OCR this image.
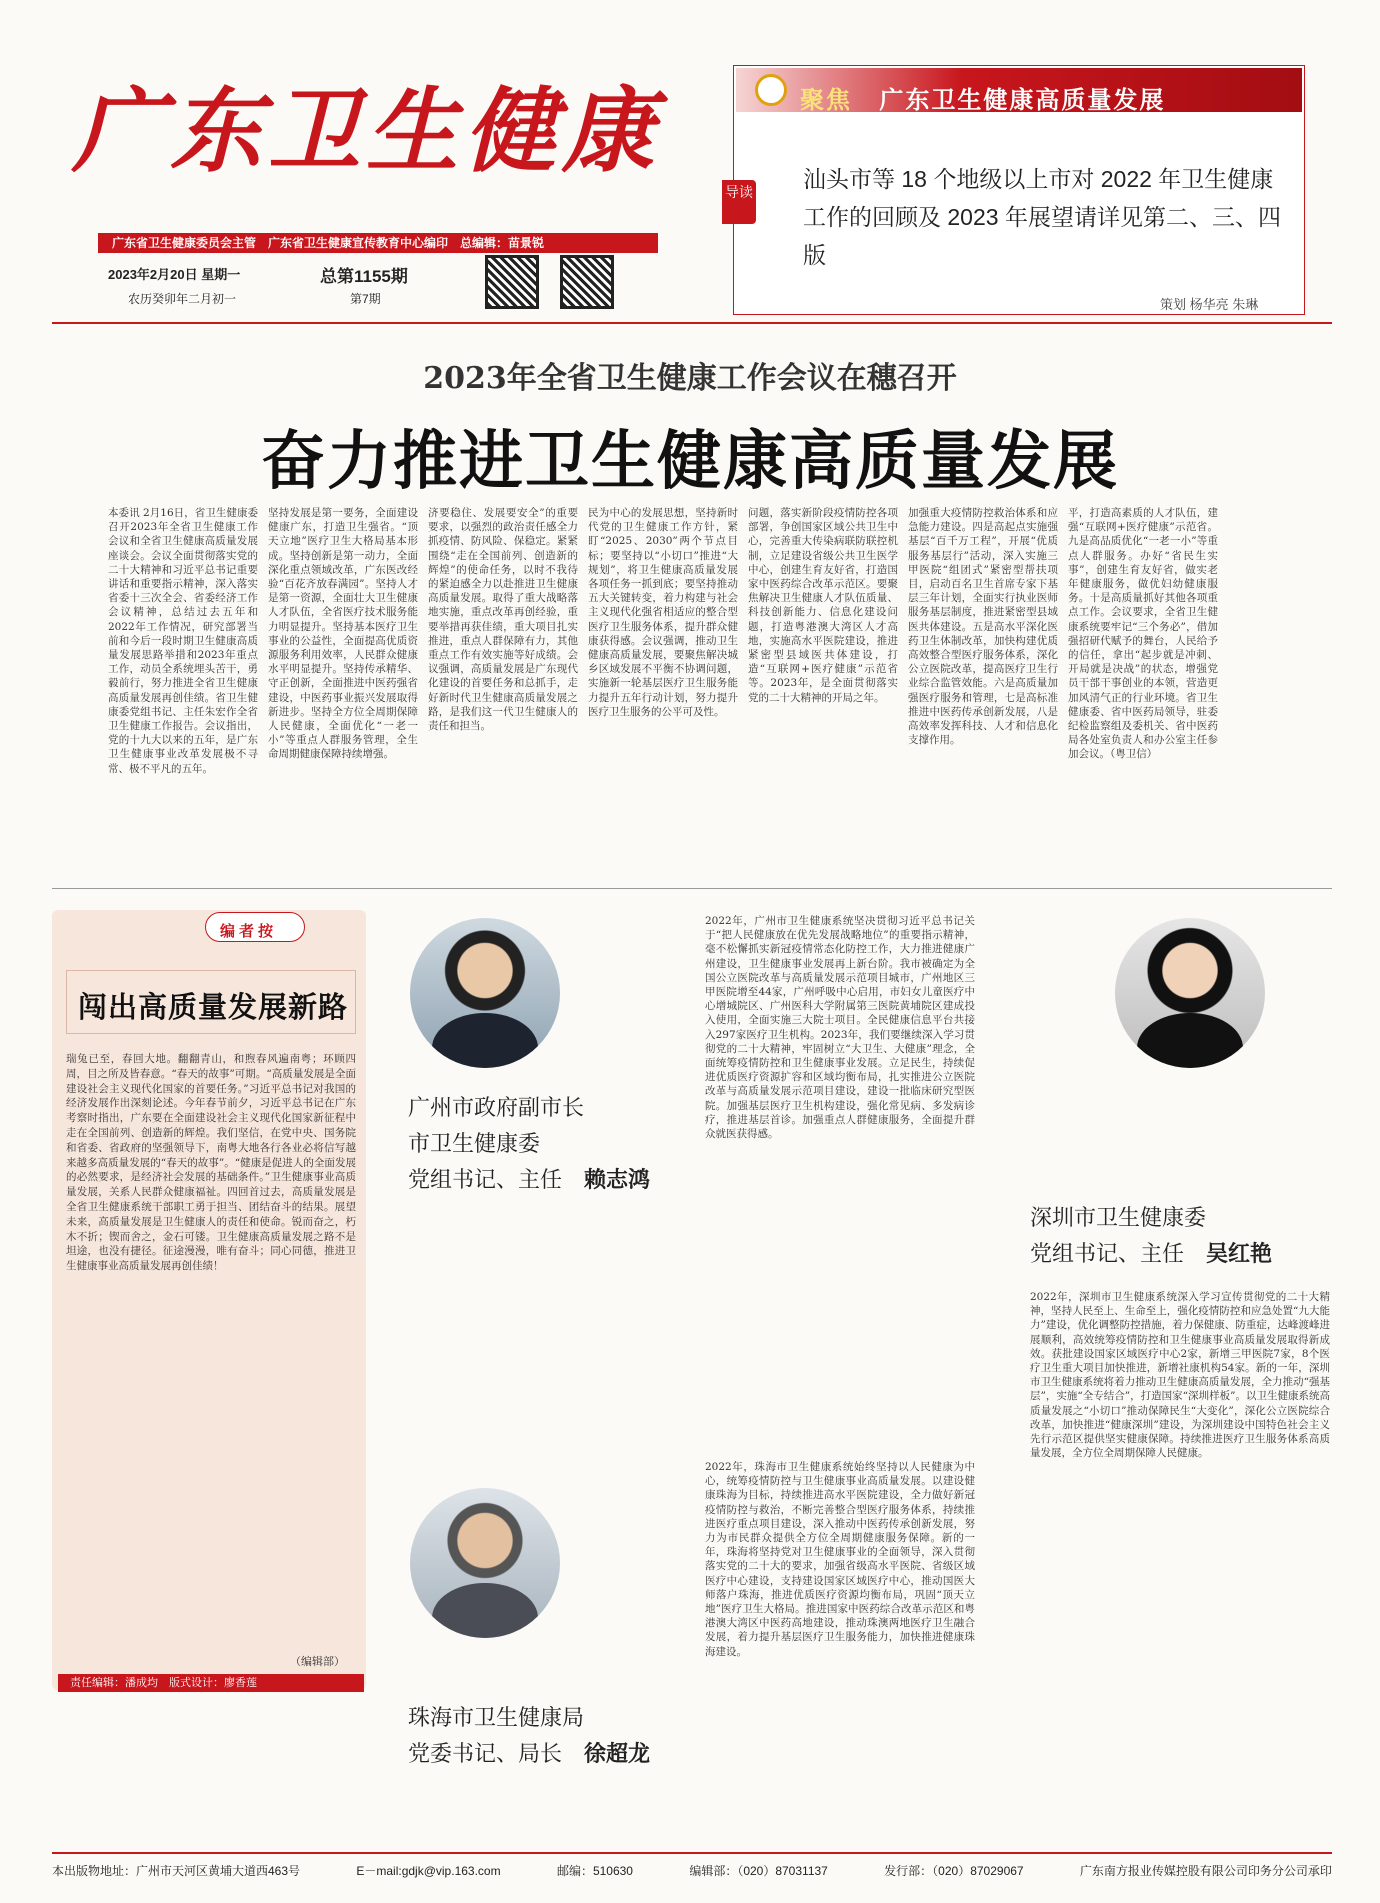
广东卫生健康
广东省卫生健康委员会主管　广东省卫生健康宣传教育中心编印　总编辑：苗景锐
2023年2月20日 星期一
农历癸卯年二月初一
总第1155期
第7期
聚焦 广东卫生健康高质量发展
导读 汕头市等 18 个地级以上市对 2022 年卫生健康工作的回顾及 2023 年展望请详见第二、三、四版
策划 杨华亮 朱琳
2023年全省卫生健康工作会议在穗召开
奋力推进卫生健康高质量发展
本委讯 2月16日，省卫生健康委召开2023年全省卫生健康工作会议和全省卫生健康高质量发展座谈会。会议全面贯彻落实党的二十大精神和习近平总书记重要讲话和重要指示精神，深入落实省委十三次全会、省委经济工作会议精神，总结过去五年和2022年工作情况，研究部署当前和今后一段时期卫生健康高质量发展思路举措和2023年重点工作，动员全系统埋头苦干，勇毅前行，努力推进全省卫生健康高质量发展再创佳绩。省卫生健康委党组书记、主任朱宏作全省卫生健康工作报告。会议指出，党的十九大以来的五年，是广东卫生健康事业改革发展极不寻常、极不平凡的五年。
坚持发展是第一要务，全面建设健康广东，打造卫生强省。“顶天立地”医疗卫生大格局基本形成。坚持创新是第一动力，全面深化重点领域改革，广东医改经验“百花齐放春满园”。坚持人才是第一资源，全面壮大卫生健康人才队伍，全省医疗技术服务能力明显提升。坚持基本医疗卫生事业的公益性，全面提高优质资源服务利用效率，人民群众健康水平明显提升。坚持传承精华、守正创新，全面推进中医药强省建设，中医药事业振兴发展取得新进步。坚持全方位全周期保障人民健康，全面优化“一老一小”等重点人群服务管理，全生命周期健康保障持续增强。
济要稳住、发展要安全”的重要要求，以强烈的政治责任感全力抓疫情、防风险、保稳定。紧紧围绕“走在全国前列、创造新的辉煌”的使命任务，以时不我待的紧迫感全力以赴推进卫生健康高质量发展。取得了重大战略落地实施，重点改革再创经验，重要举措再获佳绩，重大项目扎实推进，重点人群保障有力，其他重点工作有效实施等好成绩。会议强调，高质量发展是广东现代化建设的首要任务和总抓手，走好新时代卫生健康高质量发展之路，是我们这一代卫生健康人的责任和担当。
民为中心的发展思想，坚持新时代党的卫生健康工作方针，紧盯“2025、2030”两个节点目标；要坚持以“小切口”推进“大规划”，将卫生健康高质量发展各项任务一抓到底；要坚持推动五大关键转变，着力构建与社会主义现代化强省相适应的整合型医疗卫生服务体系，提升群众健康获得感。会议强调，推动卫生健康高质量发展，要聚焦解决城乡区域发展不平衡不协调问题，实施新一轮基层医疗卫生服务能力提升五年行动计划，努力提升医疗卫生服务的公平可及性。
问题，落实新阶段疫情防控各项部署，争创国家区域公共卫生中心，完善重大传染病联防联控机制，立足建设省级公共卫生医学中心，创建生育友好省，打造国家中医药综合改革示范区。要聚焦解决卫生健康人才队伍质量、科技创新能力、信息化建设问题，打造粤港澳大湾区人才高地，实施高水平医院建设，推进紧密型县域医共体建设，打造“互联网+医疗健康”示范省等。2023年，是全面贯彻落实党的二十大精神的开局之年。
加强重大疫情防控救治体系和应急能力建设。四是高起点实施强基层“百千万工程”，开展“优质服务基层行”活动，深入实施三甲医院“组团式”紧密型帮扶项目，启动百名卫生首席专家下基层三年计划，全面实行执业医师服务基层制度，推进紧密型县域医共体建设。五是高水平深化医药卫生体制改革，加快构建优质高效整合型医疗服务体系，深化公立医院改革，提高医疗卫生行业综合监管效能。六是高质量加强医疗服务和管理，七是高标准推进中医药传承创新发展，八是高效率发挥科技、人才和信息化支撑作用。
平，打造高素质的人才队伍，建强“互联网+医疗健康”示范省。九是高品质优化“一老一小”等重点人群服务。办好“省民生实事”，创建生育友好省，做实老年健康服务，做优妇幼健康服务。十是高质量抓好其他各项重点工作。会议要求，全省卫生健康系统要牢记“三个务必”，借加强招研代赋予的舞台，人民给予的信任，拿出“起步就是冲刺、开局就是决战”的状态，增强党员干部干事创业的本领，营造更加风清气正的行业环境。省卫生健康委、省中医药局领导，驻委纪检监察组及委机关、省中医药局各处室负责人和办公室主任参加会议。（粤卫信）
编者按
闯出高质量发展新路
瑞兔已至，春回大地。翻翻青山，和煦春风遍南粤；环顾四周，目之所及皆春意。“春天的故事”可期。“高质量发展是全面建设社会主义现代化国家的首要任务。”习近平总书记对我国的经济发展作出深刻论述。今年春节前夕，习近平总书记在广东考察时指出，广东要在全面建设社会主义现代化国家新征程中走在全国前列、创造新的辉煌。我们坚信，在党中央、国务院和省委、省政府的坚强领导下，南粤大地各行各业必将信写越来越多高质量发展的“春天的故事”。“健康是促进人的全面发展的必然要求，是经济社会发展的基础条件。”卫生健康事业高质量发展，关系人民群众健康福祉。四回首过去，高质量发展是全省卫生健康系统干部职工勇于担当、团结奋斗的结果。展望未来，高质量发展是卫生健康人的责任和使命。锐而奋之，朽木不折；锲而舍之，金石可镂。卫生健康高质量发展之路不是坦途，也没有捷径。征途漫漫，唯有奋斗；同心同德，推进卫生健康事业高质量发展再创佳绩！
（编辑部）
责任编辑：潘成均　版式设计：廖香莲
广州市政府副市长
市卫生健康委
党组书记、主任　 赖志鸿
2022年，广州市卫生健康系统坚决贯彻习近平总书记关于“把人民健康放在优先发展战略地位”的重要指示精神，毫不松懈抓实新冠疫情常态化防控工作，大力推进健康广州建设，卫生健康事业发展再上新台阶。我市被确定为全国公立医院改革与高质量发展示范项目城市，广州地区三甲医院增至44家，广州呼吸中心启用，市妇女儿童医疗中心增城院区、广州医科大学附属第三医院黄埔院区建成投入使用，全面实施三大院士项目。全民健康信息平台共接入297家医疗卫生机构。2023年，我们要继续深入学习贯彻党的二十大精神，牢固树立“大卫生、大健康”理念，全面统筹疫情防控和卫生健康事业发展。立足民生，持续促进优质医疗资源扩容和区域均衡布局，扎实推进公立医院改革与高质量发展示范项目建设，建设一批临床研究型医院。加强基层医疗卫生机构建设，强化常见病、多发病诊疗，推进基层首诊。加强重点人群健康服务，全面提升群众就医获得感。
深圳市卫生健康委
党组书记、主任　 吴红艳
2022年，深圳市卫生健康系统深入学习宣传贯彻党的二十大精神，坚持人民至上、生命至上，强化疫情防控和应急处置“九大能力”建设，优化调整防控措施，着力保健康、防重症，达峰渡峰进展顺利，高效统筹疫情防控和卫生健康事业高质量发展取得新成效。获批建设国家区域医疗中心2家，新增三甲医院7家，8个医疗卫生重大项目加快推进，新增社康机构54家。新的一年，深圳市卫生健康系统将着力推动卫生健康高质量发展，全力推动“强基层”，实施“全专结合”，打造国家“深圳样板”。以卫生健康系统高质量发展之“小切口”推动保障民生“大变化”，深化公立医院综合改革，加快推进“健康深圳”建设，为深圳建设中国特色社会主义先行示范区提供坚实健康保障。持续推进医疗卫生服务体系高质量发展，全方位全周期保障人民健康。
2022年，珠海市卫生健康系统始终坚持以人民健康为中心，统筹疫情防控与卫生健康事业高质量发展。以建设健康珠海为目标，持续推进高水平医院建设，全力做好新冠疫情防控与救治，不断完善整合型医疗服务体系，持续推进医疗重点项目建设，深入推动中医药传承创新发展，努力为市民群众提供全方位全周期健康服务保障。新的一年，珠海将坚持党对卫生健康事业的全面领导，深入贯彻落实党的二十大的要求，加强省级高水平医院、省级区域医疗中心建设，支持建设国家区域医疗中心，推动国医大师落户珠海，推进优质医疗资源均衡布局，巩固“顶天立地”医疗卫生大格局。推进国家中医药综合改革示范区和粤港澳大湾区中医药高地建设，推动珠澳两地医疗卫生融合发展，着力提升基层医疗卫生服务能力，加快推进健康珠海建设。
珠海市卫生健康局
党委书记、局长　 徐超龙
本出版物地址：广州市天河区黄埔大道西463号	E－mail:gdjk@vip.163.com	邮编：510630	编辑部：（020）87031137	发行部：（020）87029067	广东南方报业传媒控股有限公司印务分公司承印
